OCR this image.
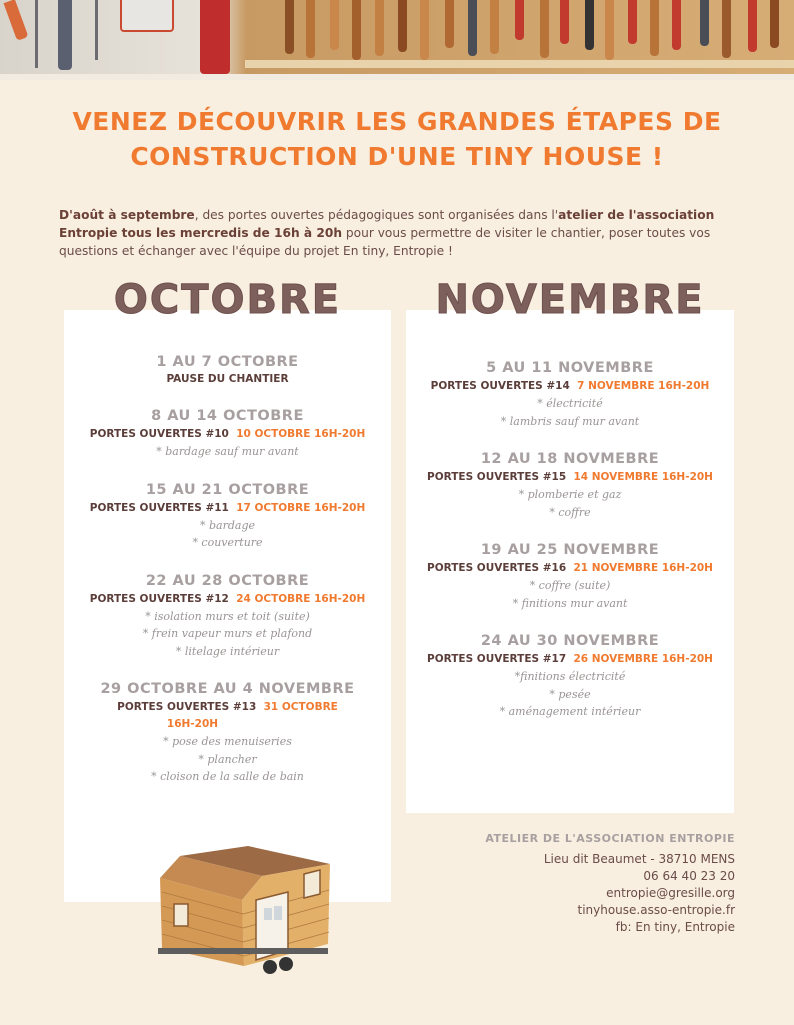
VENEZ DÉCOUVRIR LES GRANDES ÉTAPES DE
CONSTRUCTION D'UNE TINY HOUSE !

D'août à septembre, des portes ouvertes pédagogiques sont organisées dans l'atelier de l'association Entropie tous les mercredis de 16h à 20h pour vous permettre de visiter le chantier, poser toutes vos questions et échanger avec l'équipe du projet En tiny, Entropie !

OCTOBRE	NOVEMBRE
1 AU 7 OCTOBRE
PAUSE DU CHANTIER
8 AU 14 OCTOBRE
PORTES OUVERTES #10 10 OCTOBRE 16H-20H
* bardage sauf mur avant
15 AU 21 OCTOBRE
PORTES OUVERTES #11 17 OCTOBRE 16H-20H
* bardage
* couverture
22 AU 28 OCTOBRE
PORTES OUVERTES #12 24 OCTOBRE 16H-20H
* isolation murs et toit (suite)
* frein vapeur murs et plafond
* litelage intérieur
29 OCTOBRE AU 4 NOVEMBRE
PORTES OUVERTES #13 31 OCTOBRE
16H-20H
* pose des menuiseries
* plancher
* cloison de la salle de bain
5 AU 11 NOVEMBRE
PORTES OUVERTES #14 7 NOVEMBRE 16H-20H
* électricité
* lambris sauf mur avant
12 AU 18 NOVMEBRE
PORTES OUVERTES #15 14 NOVEMBRE 16H-20H
* plomberie et gaz
* coffre
19 AU 25 NOVEMBRE
PORTES OUVERTES #16 21 NOVEMBRE 16H-20H
* coffre (suite)
* finitions mur avant
24 AU 30 NOVEMBRE
PORTES OUVERTES #17 26 NOVEMBRE 16H-20H
*finitions électricité
* pesée
* aménagement intérieur
ATELIER DE L'ASSOCIATION ENTROPIE
Lieu dit Beaumet - 38710 MENS
06 64 40 23 20
entropie@gresille.org
tinyhouse.asso-entropie.fr
fb: En tiny, Entropie
